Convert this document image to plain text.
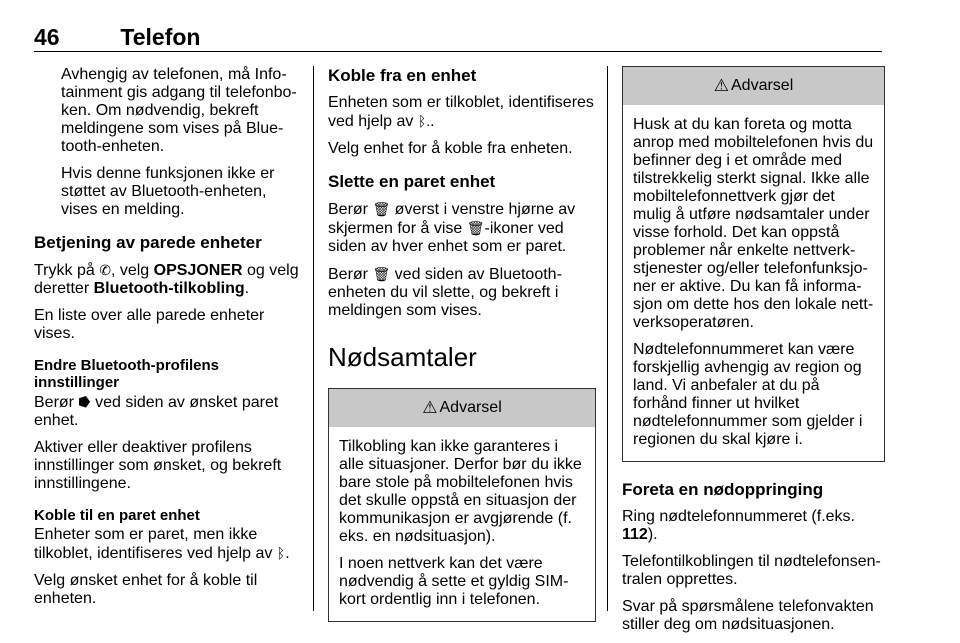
46	Telefon

Avhengig av telefonen, må Infotainment gis adgang til telefonboken. Om nødvendig, bekreft meldingene som vises på Bluetooth-enheten.

Hvis denne funksjonen ikke er støttet av Bluetooth-enheten, vises en melding.

Betjening av parede enheter

Trykk på ✆, velg OPSJONER og velg deretter Bluetooth-tilkobling.

En liste over alle parede enheter vises.

Endre Bluetooth-profilens innstillinger

Berør ⭓ ved siden av ønsket paret enhet.

Aktiver eller deaktiver profilens innstillinger som ønsket, og bekreft innstillingene.

Koble til en paret enhet

Enheter som er paret, men ikke tilkoblet, identifiseres ved hjelp av ᛒ.

Velg ønsket enhet for å koble til enheten.

Koble fra en enhet

Enheten som er tilkoblet, identifiseres ved hjelp av ᛒ..

Velg enhet for å koble fra enheten.

Slette en paret enhet

Berør 🗑 øverst i venstre hjørne av skjermen for å vise 🗑-ikoner ved siden av hver enhet som er paret.

Berør 🗑 ved siden av Bluetooth-enheten du vil slette, og bekreft i meldingen som vises.

Nødsamtaler
⚠ Advarsel

Tilkobling kan ikke garanteres i alle situasjoner. Derfor bør du ikke bare stole på mobiltelefonen hvis det skulle oppstå en situasjon der kommunikasjon er avgjørende (f. eks. en nødsituasjon).

I noen nettverk kan det være nødvendig å sette et gyldig SIM-kort ordentlig inn i telefonen.

⚠ Advarsel

Husk at du kan foreta og motta anrop med mobiltelefonen hvis du befinner deg i et område med tilstrekkelig sterkt signal. Ikke alle mobiltelefonnettverk gjør det mulig å utføre nødsamtaler under visse forhold. Det kan oppstå problemer når enkelte nettverkstjenester og/eller telefonfunksjoner er aktive. Du kan få informasjon om dette hos den lokale nettverksoperatøren.

Nødtelefonnummeret kan være forskjellig avhengig av region og land. Vi anbefaler at du på forhånd finner ut hvilket nødtelefonnummer som gjelder i regionen du skal kjøre i.

Foreta en nødoppringing

Ring nødtelefonnummeret (f.eks. 112).

Telefontilkoblingen til nødtelefonsentralen opprettes.

Svar på spørsmålene telefonvakten stiller deg om nødsituasjonen.
